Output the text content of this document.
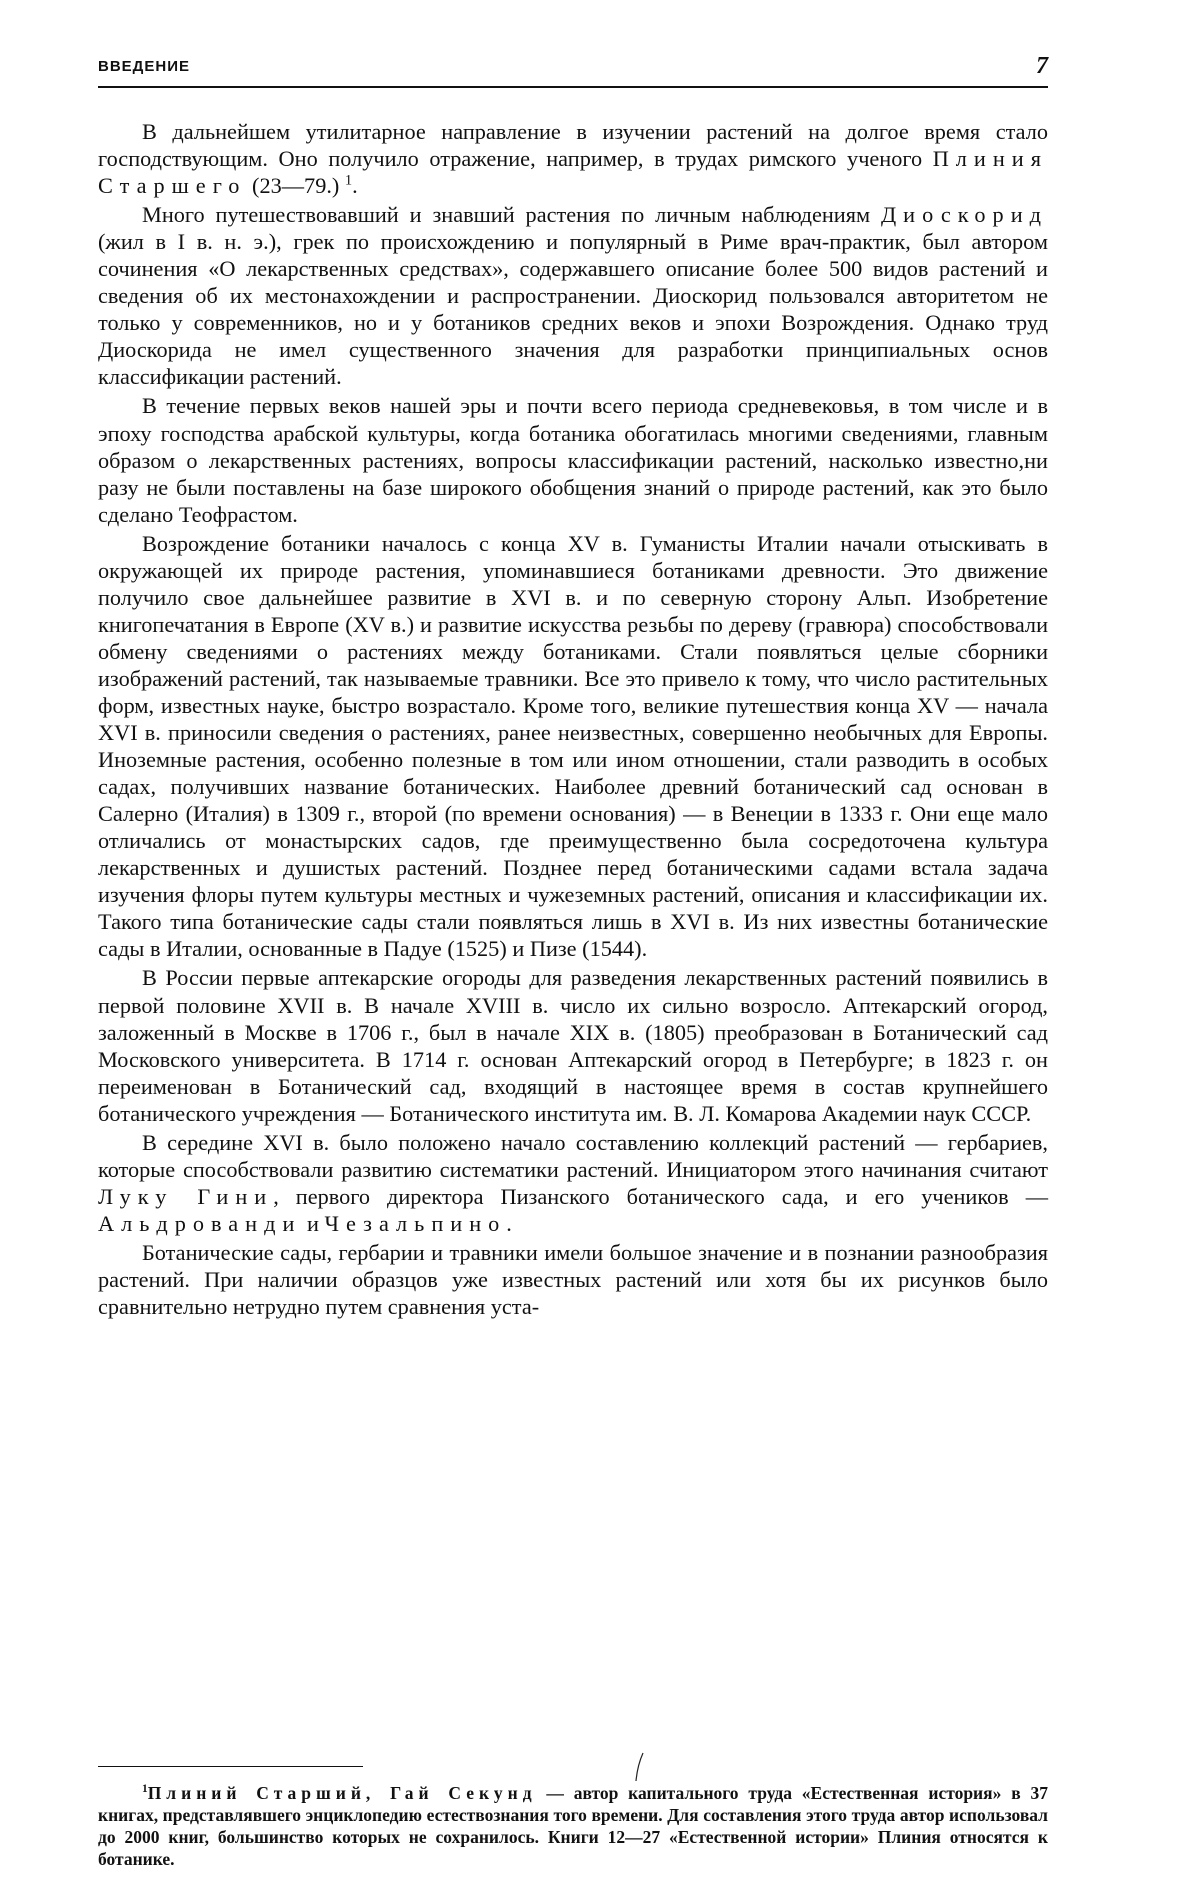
ВВЕДЕНИЕ	7

В дальнейшем утилитарное направление в изучении растений на долгое время стало господствующим. Оно получило отражение, например, в трудах римского ученого Плиния Старшего (23—79.) $^1$.

Много путешествовавший и знавший растения по личным наблюдениям Диоскорид (жил в I в. н. э.), грек по происхождению и популярный в Риме врач-практик, был автором сочинения «О лекарственных средствах», содержавшего описание более 500 видов растений и сведения об их местонахождении и распространении. Диоскорид пользовался авторитетом не только у современников, но и у ботаников средних веков и эпохи Возрождения. Однако труд Диоскорида не имел существенного значения для разработки принципиальных основ классификации растений.

В течение первых веков нашей эры и почти всего периода средневековья, в том числе и в эпоху господства арабской культуры, когда ботаника обогатилась многими сведениями, главным образом о лекарственных растениях, вопросы классификации растений, насколько известно,ни разу не были поставлены на базе широкого обобщения знаний о природе растений, как это было сделано Теофрастом.

Возрождение ботаники началось с конца XV в. Гуманисты Италии начали отыскивать в окружающей их природе растения, упоминавшиеся ботаниками древности. Это движение получило свое дальнейшее развитие в XVI в. и по северную сторону Альп. Изобретение книгопечатания в Европе (XV в.) и развитие искусства резьбы по дереву (гравюра) способствовали обмену сведениями о растениях между ботаниками. Стали появляться целые сборники изображений растений, так называемые травники. Все это привело к тому, что число растительных форм, известных науке, быстро возрастало. Кроме того, великие путешествия конца XV — начала XVI в. приносили сведения о растениях, ранее неизвестных, совершенно необычных для Европы. Иноземные растения, особенно полезные в том или ином отношении, стали разводить в особых садах, получивших название ботанических. Наиболее древний ботанический сад основан в Салерно (Италия) в 1309 г., второй (по времени основания) — в Венеции в 1333 г. Они еще мало отличались от монастырских садов, где преимущественно была сосредоточена культура лекарственных и душистых растений. Позднее перед ботаническими садами встала задача изучения флоры путем культуры местных и чужеземных растений, описания и классификации их. Такого типа ботанические сады стали появляться лишь в XVI в. Из них известны ботанические сады в Италии, основанные в Падуе (1525) и Пизе (1544).

В России первые аптекарские огороды для разведения лекарственных растений появились в первой половине XVII в. В начале XVIII в. число их сильно возросло. Аптекарский огород, заложенный в Москве в 1706 г., был в начале XIX в. (1805) преобразован в Ботанический сад Московского университета. В 1714 г. основан Аптекарский огород в Петербурге; в 1823 г. он переименован в Ботанический сад, входящий в настоящее время в состав крупнейшего ботанического учреждения — Ботанического института им. В. Л. Комарова Академии наук СССР.

В середине XVI в. было положено начало составлению коллекций растений — гербариев, которые способствовали развитию систематики растений. Инициатором этого начинания считают Луку Гини, первого директора Пизанского ботанического сада, и его учеников — Альдрованди и Чезальпино.

Ботанические сады, гербарии и травники имели большое значение и в познании разнообразия растений. При наличии образцов уже известных растений или хотя бы их рисунков было сравнительно нетрудно путем сравнения уста-

$^1$Плиний Старший, Гай Секунд — автор капитального труда «Естественная история» в 37 книгах, представлявшего энциклопедию естествознания того времени. Для составления этого труда автор использовал до 2000 книг, большинство которых не сохранилось. Книги 12—27 «Естественной истории» Плиния относятся к ботанике.
